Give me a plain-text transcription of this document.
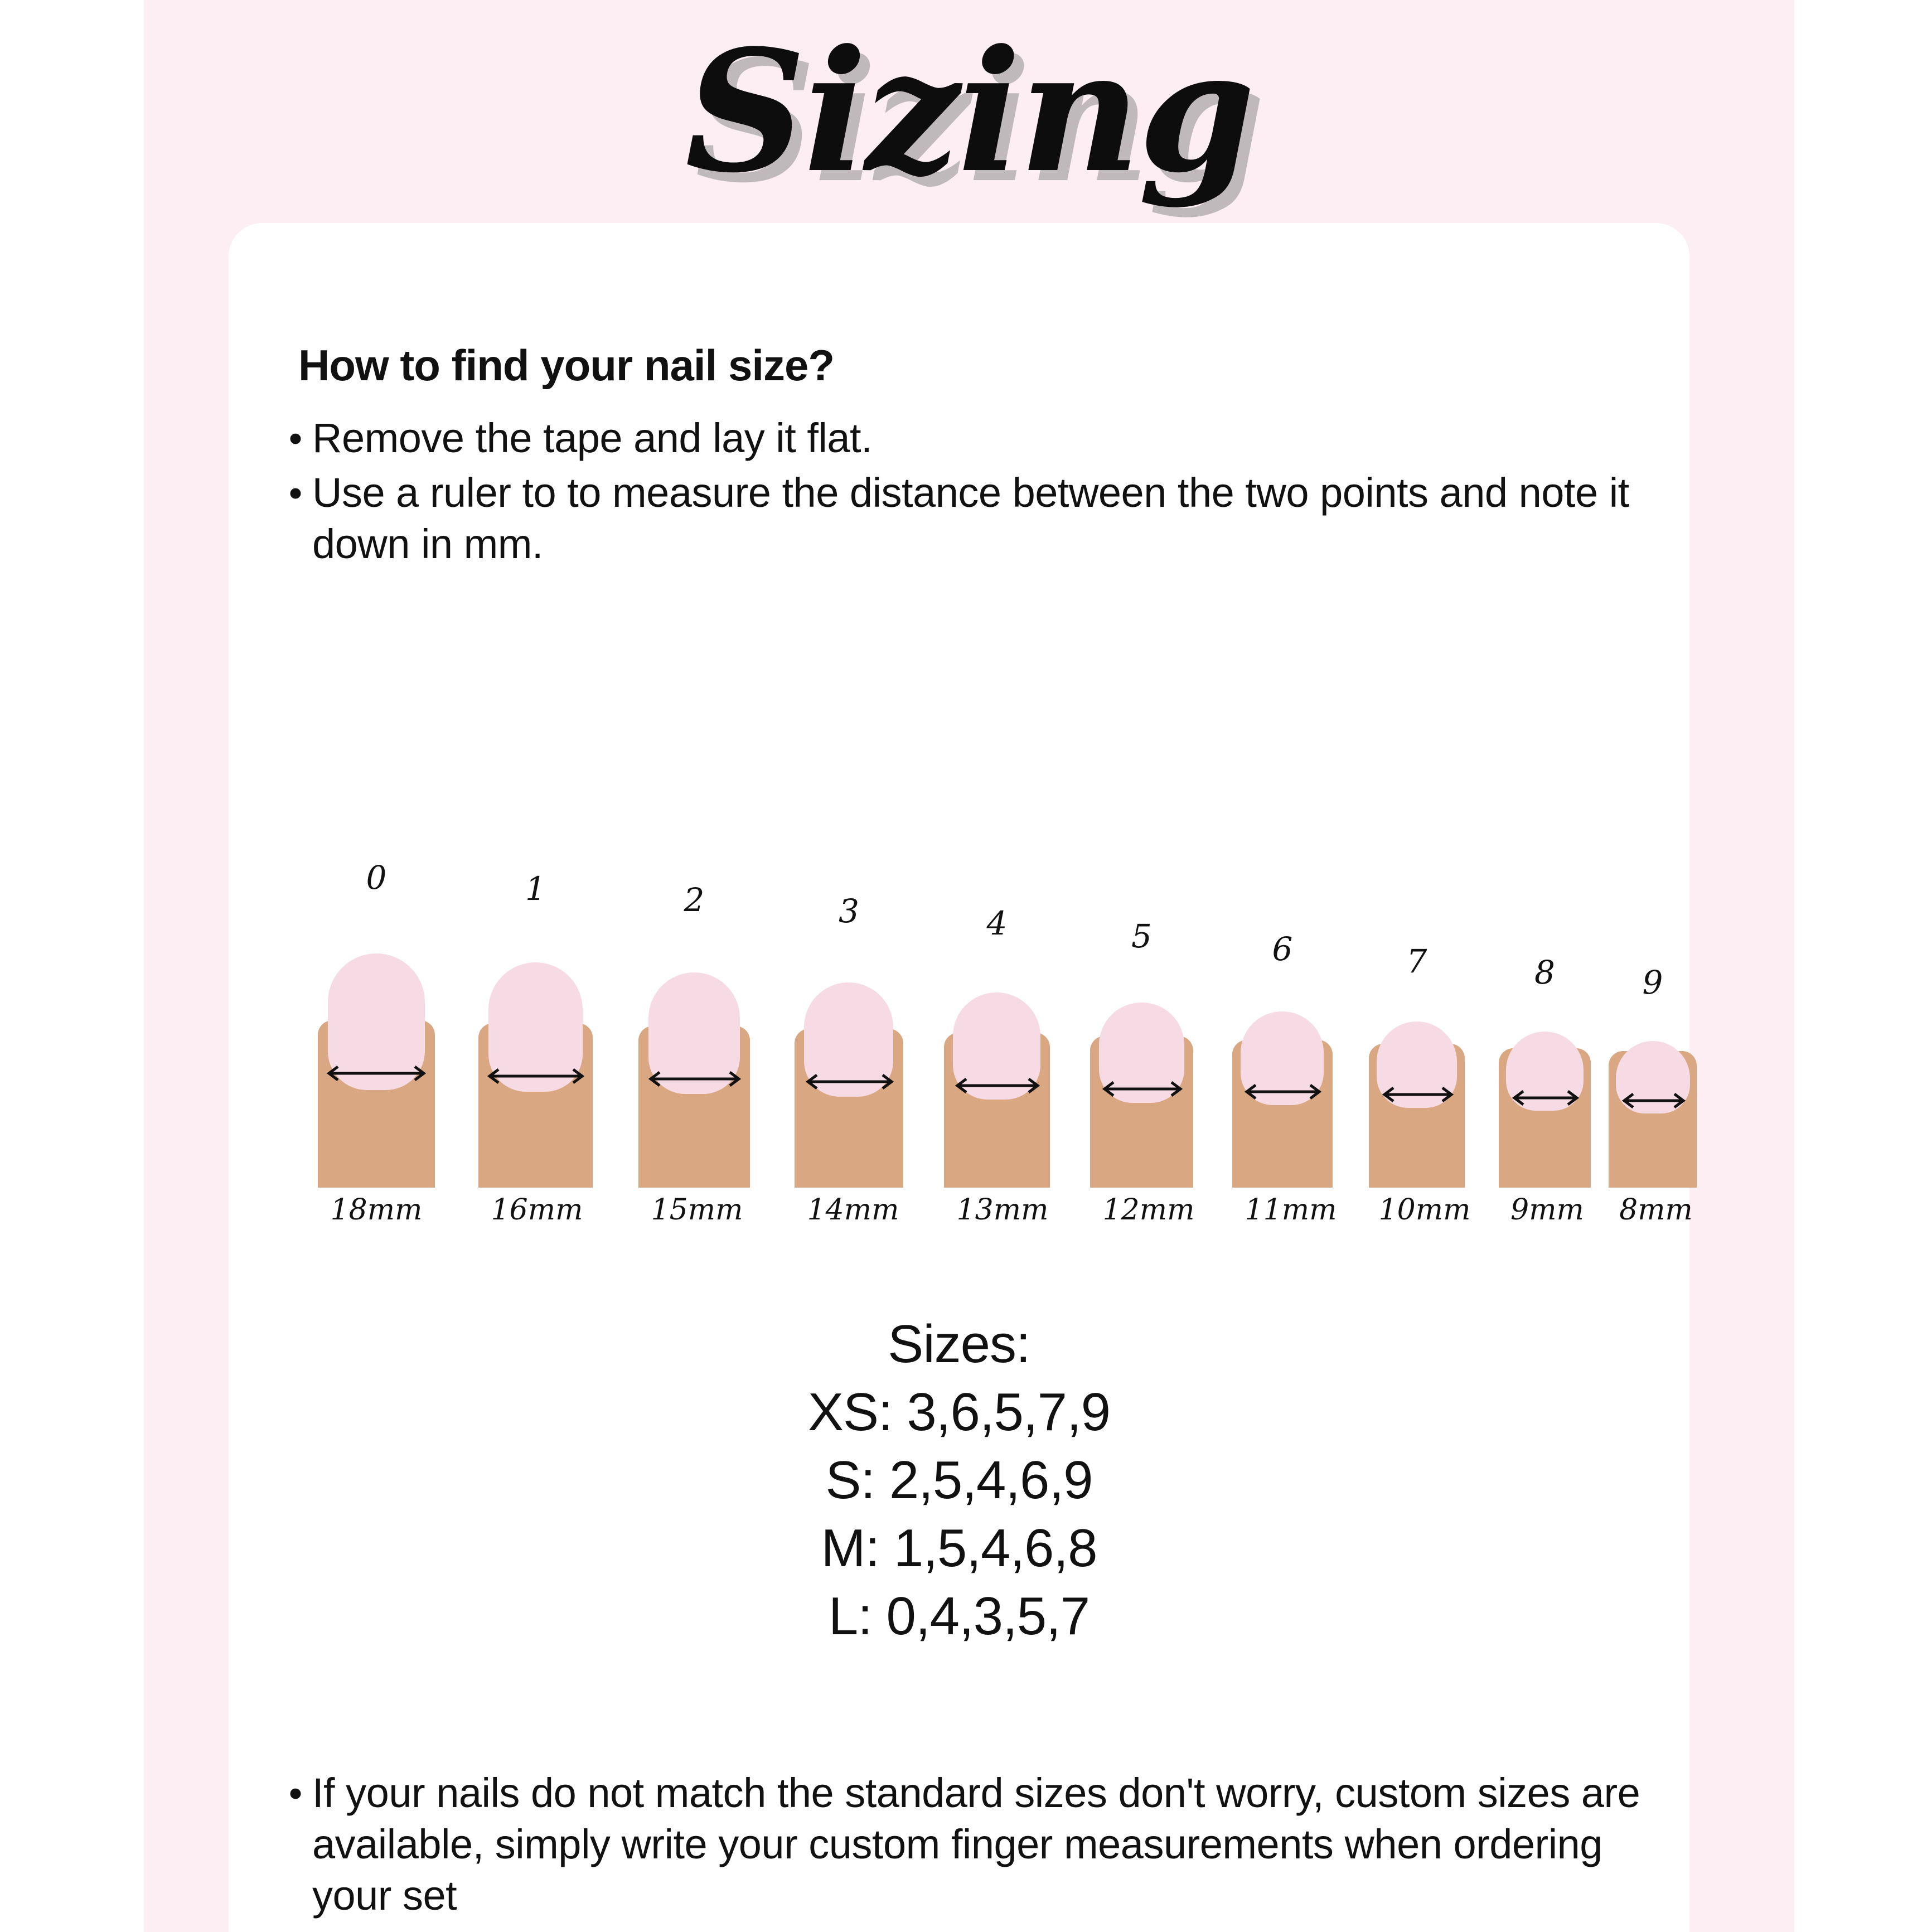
Sizing
How to find your nail size?
• Remove the tape and lay it flat.
• Use a ruler to to measure the distance between the two points and note it down in mm.
0
18mm
1
16mm
2
15mm
3
14mm
4
13mm
5
12mm
6
11mm
7
10mm
8
9mm
9
8mm
Sizes:
XS: 3,6,5,7,9
S: 2,5,4,6,9
M: 1,5,4,6,8
L: 0,4,3,5,7
• If your nails do not match the standard sizes don't worry, custom sizes are available, simply write your custom finger measurements when ordering your set
